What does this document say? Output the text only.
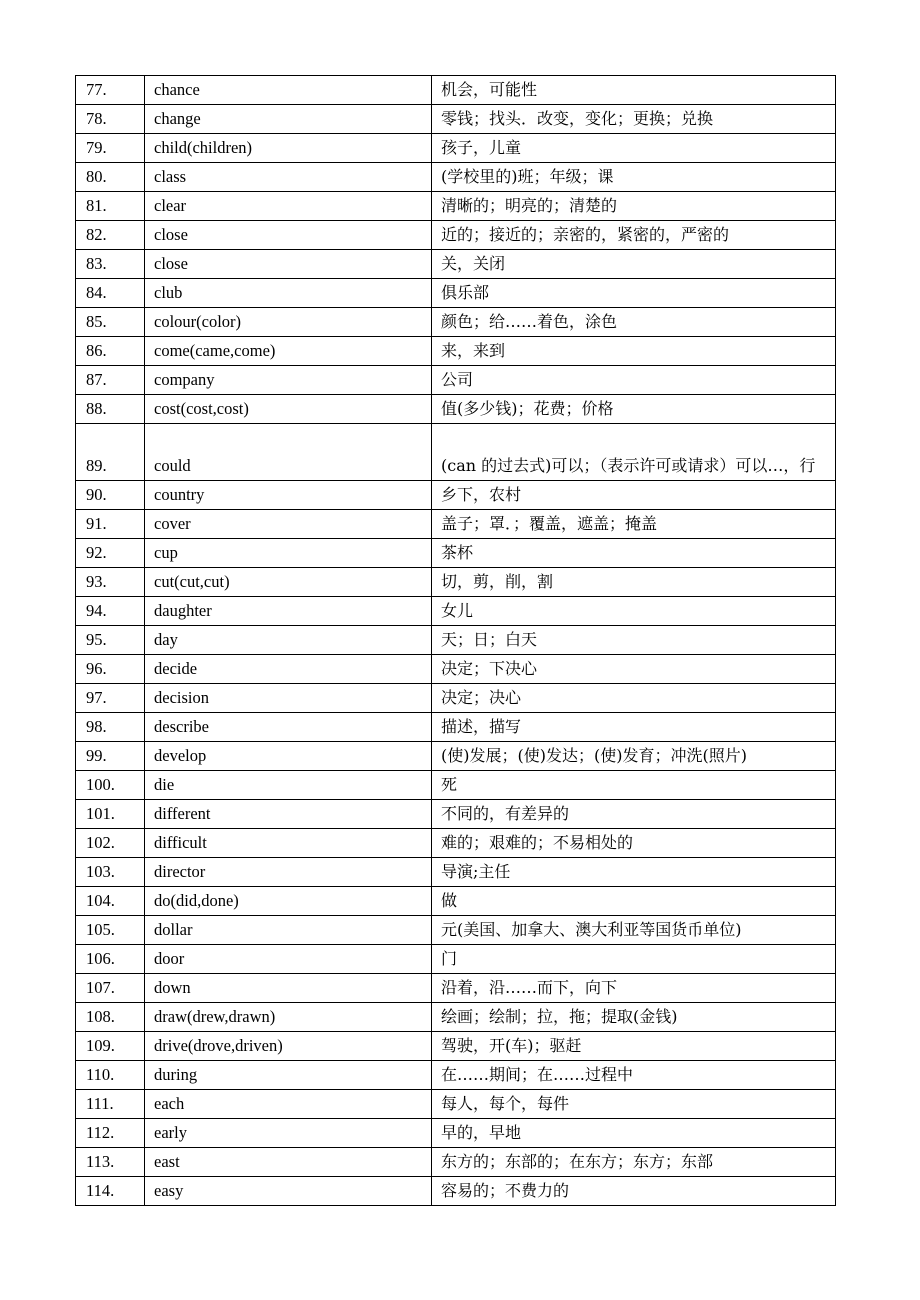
77.	chance	机会，可能性
78.	change	零钱；找头．改变，变化；更换；兑换
79.	child(children)	孩子，儿童
80.	class	(学校里的)班；年级；课
81.	clear	清晰的；明亮的；清楚的
82.	close	近的；接近的；亲密的，紧密的，严密的
83.	close	关，关闭
84.	club	俱乐部
85.	colour(color)	颜色；给……着色，涂色
86.	come(came,come)	来，来到
87.	company	公司
88.	cost(cost,cost)	值(多少钱)；花费；价格
89.	could	(can 的过去式)可以；（表示许可或请求）可以…，行
90.	country	乡下，农村
91.	cover	盖子；罩．；覆盖，遮盖；掩盖
92.	cup	茶杯
93.	cut(cut,cut)	切，剪，削，割
94.	daughter	女儿
95.	day	天；日；白天
96.	decide	决定；下决心
97.	decision	决定；决心
98.	describe	描述，描写
99.	develop	(使)发展；(使)发达；(使)发育；冲洗(照片)
100.	die	死
101.	different	不同的，有差异的
102.	difficult	难的；艰难的；不易相处的
103.	director	导演;主任
104.	do(did,done)	做
105.	dollar	元(美国、加拿大、澳大利亚等国货币单位)
106.	door	门
107.	down	沿着，沿……而下，向下
108.	draw(drew,drawn)	绘画；绘制；拉，拖；提取(金钱)
109.	drive(drove,driven)	驾驶，开(车)；驱赶
110.	during	在……期间；在……过程中
111.	each	每人，每个，每件
112.	early	早的，早地
113.	east	东方的；东部的；在东方；东方；东部
114.	easy	容易的；不费力的
